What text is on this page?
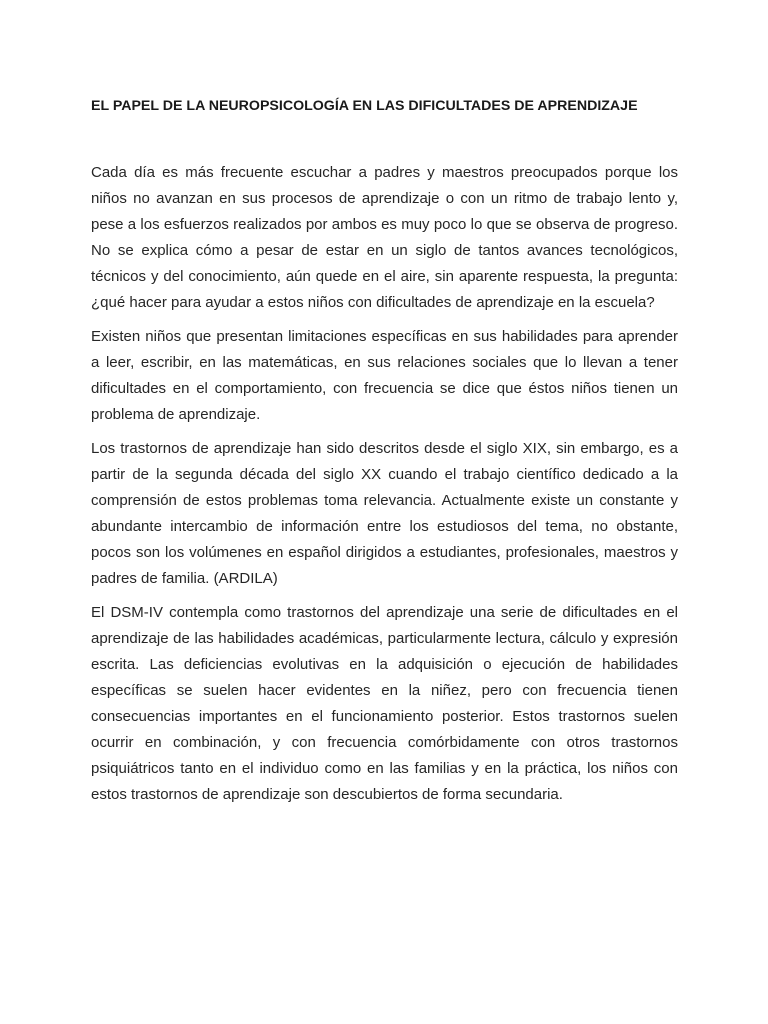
EL PAPEL DE LA NEUROPSICOLOGÍA EN LAS DIFICULTADES DE APRENDIZAJE

Cada día es más frecuente escuchar a padres y maestros preocupados porque los niños no avanzan en sus procesos de aprendizaje o con un ritmo de trabajo lento y, pese a los esfuerzos realizados por ambos es muy poco lo que se observa de progreso. No se explica cómo a pesar de estar en un siglo de tantos avances tecnológicos, técnicos y del conocimiento, aún quede en el aire, sin aparente respuesta, la pregunta: ¿qué hacer para ayudar a estos niños con dificultades de aprendizaje en la escuela?

Existen niños que presentan limitaciones específicas en sus habilidades para aprender a leer, escribir, en las matemáticas, en sus relaciones sociales que lo llevan a tener dificultades en el comportamiento, con frecuencia se dice que éstos niños tienen un problema de aprendizaje.

Los trastornos de aprendizaje han sido descritos desde el siglo XIX, sin embargo, es a partir de la segunda década del siglo XX cuando el trabajo científico dedicado a la comprensión de estos problemas toma relevancia. Actualmente existe un constante y abundante intercambio de información entre los estudiosos del tema, no obstante, pocos son los volúmenes en español dirigidos a estudiantes, profesionales, maestros y padres de familia. (ARDILA)

El DSM-IV contempla como trastornos del aprendizaje una serie de dificultades en el aprendizaje de las habilidades académicas, particularmente lectura, cálculo y expresión escrita. Las deficiencias evolutivas en la adquisición o ejecución de habilidades específicas se suelen hacer evidentes en la niñez, pero con frecuencia tienen consecuencias importantes en el funcionamiento posterior. Estos trastornos suelen ocurrir en combinación, y con frecuencia comórbidamente con otros trastornos psiquiátricos tanto en el individuo como en las familias y en la práctica, los niños con estos trastornos de aprendizaje son descubiertos de forma secundaria.
